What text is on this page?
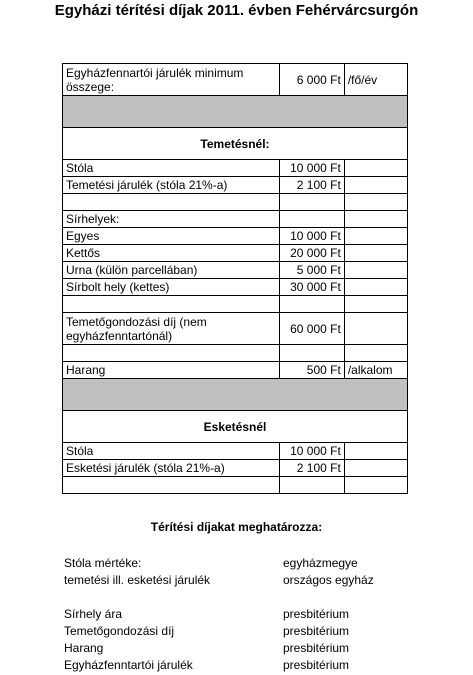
Egyházi térítési díjak 2011. évben Fehérvárcsurgón
Egyházfennartói járulék minimum összege:	6 000 Ft	/fő/év

Temetésnél:		
Stóla	10 000 Ft	
Temetési járulék (stóla 21%-a)	2 100 Ft	

Sírhelyek:		
Egyes	10 000 Ft	
Kettős	20 000 Ft	
Urna (külön parcellában)	5 000 Ft	
Sírbolt hely (kettes)	30 000 Ft	

Temetőgondozási díj (nem egyházfenntartónál)	60 000 Ft	

Harang	500 Ft	/alkalom

Esketésnél		
Stóla	10 000 Ft	
Esketési járulék (stóla 21%-a)	2 100 Ft	

Térítési díjakat meghatározza:
Stóla mértéke:	egyházmegye
temetési ill. esketési járulék	országos egyház
Sírhely ára	presbitérium
Temetőgondozási díj	presbitérium
Harang	presbitérium
Egyházfenntartói járulék	presbitérium
